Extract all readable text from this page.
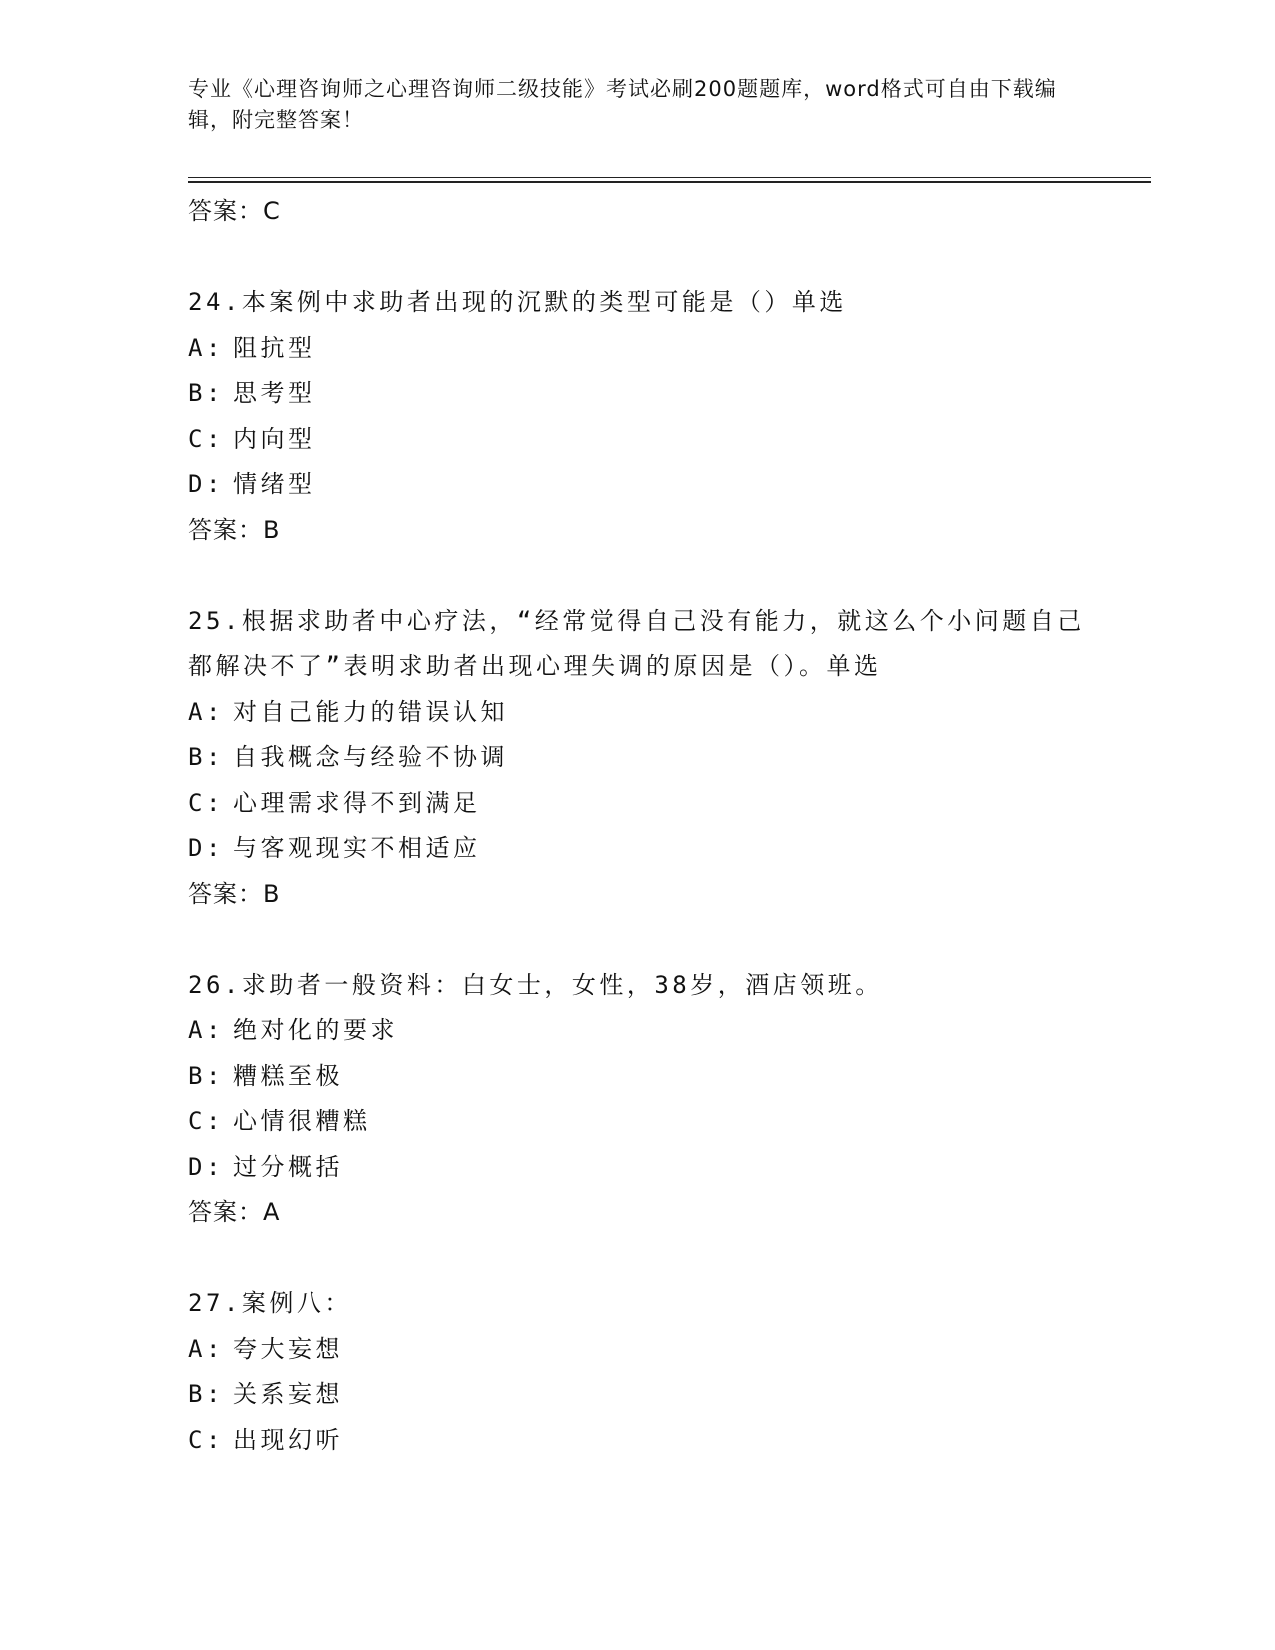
专业《心理咨询师之心理咨询师二级技能》考试必刷200题题库，word格式可自由下载编辑，附完整答案！
答案：C
24.本案例中求助者出现的沉默的类型可能是（）单选
A: 阻抗型
B: 思考型
C: 内向型
D: 情绪型
答案：B
25.根据求助者中心疗法，“经常觉得自己没有能力，就这么个小问题自己都解决不了”表明求助者出现心理失调的原因是（）。单选
A: 对自己能力的错误认知
B: 自我概念与经验不协调
C: 心理需求得不到满足
D: 与客观现实不相适应
答案：B
26.求助者一般资料：白女士，女性，38岁，酒店领班。
A: 绝对化的要求
B: 糟糕至极
C: 心情很糟糕
D: 过分概括
答案：A
27.案例八：
A: 夸大妄想
B: 关系妄想
C: 出现幻听
